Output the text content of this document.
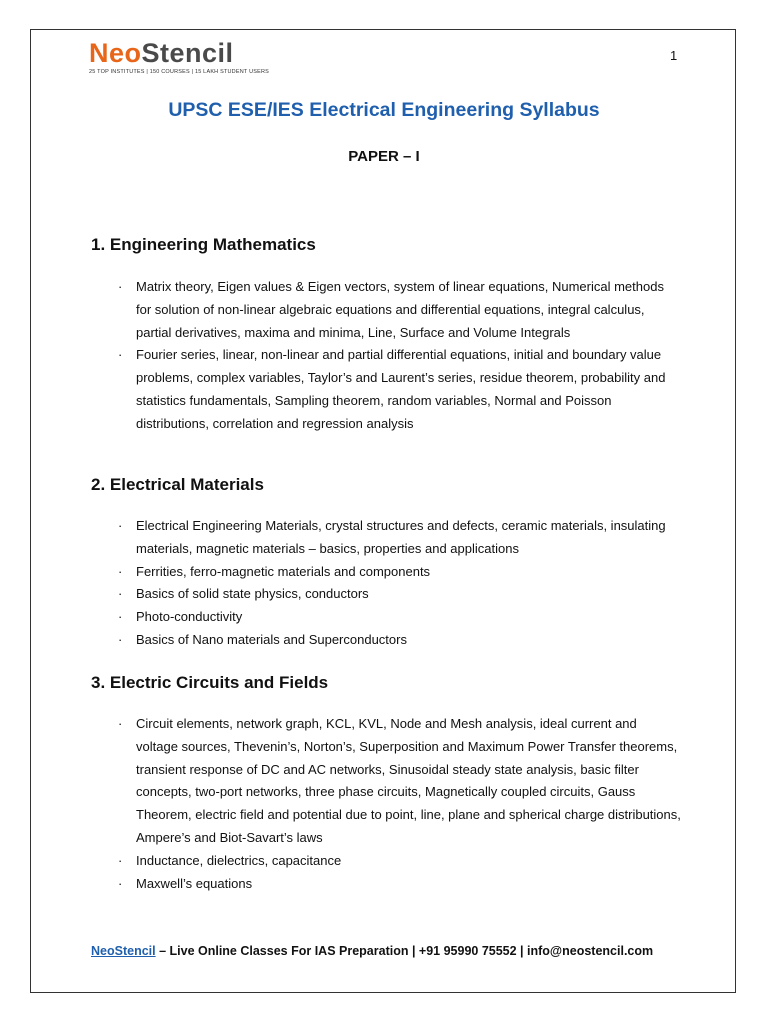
NeoStencil
25 TOP INSTITUTES | 150 COURSES | 15 LAKH STUDENT USERS
1
UPSC ESE/IES Electrical Engineering Syllabus
PAPER – I
1. Engineering Mathematics
· Matrix theory, Eigen values & Eigen vectors, system of linear equations, Numerical methods for solution of non-linear algebraic equations and differential equations, integral calculus, partial derivatives, maxima and minima, Line, Surface and Volume Integrals
· Fourier series, linear, non-linear and partial differential equations, initial and boundary value problems, complex variables, Taylor’s and Laurent’s series, residue theorem, probability and statistics fundamentals, Sampling theorem, random variables, Normal and Poisson distributions, correlation and regression analysis
2. Electrical Materials
· Electrical Engineering Materials, crystal structures and defects, ceramic materials, insulating materials, magnetic materials – basics, properties and applications
· Ferrities, ferro-magnetic materials and components
· Basics of solid state physics, conductors
· Photo-conductivity
· Basics of Nano materials and Superconductors
3. Electric Circuits and Fields
· Circuit elements, network graph, KCL, KVL, Node and Mesh analysis, ideal current and voltage sources, Thevenin’s, Norton’s, Superposition and Maximum Power Transfer theorems, transient response of DC and AC networks, Sinusoidal steady state analysis, basic filter concepts, two-port networks, three phase circuits, Magnetically coupled circuits, Gauss Theorem, electric field and potential due to point, line, plane and spherical charge distributions, Ampere’s and Biot-Savart’s laws
· Inductance, dielectrics, capacitance
· Maxwell’s equations
NeoStencil – Live Online Classes For IAS Preparation | +91 95990 75552 | info@neostencil.com
